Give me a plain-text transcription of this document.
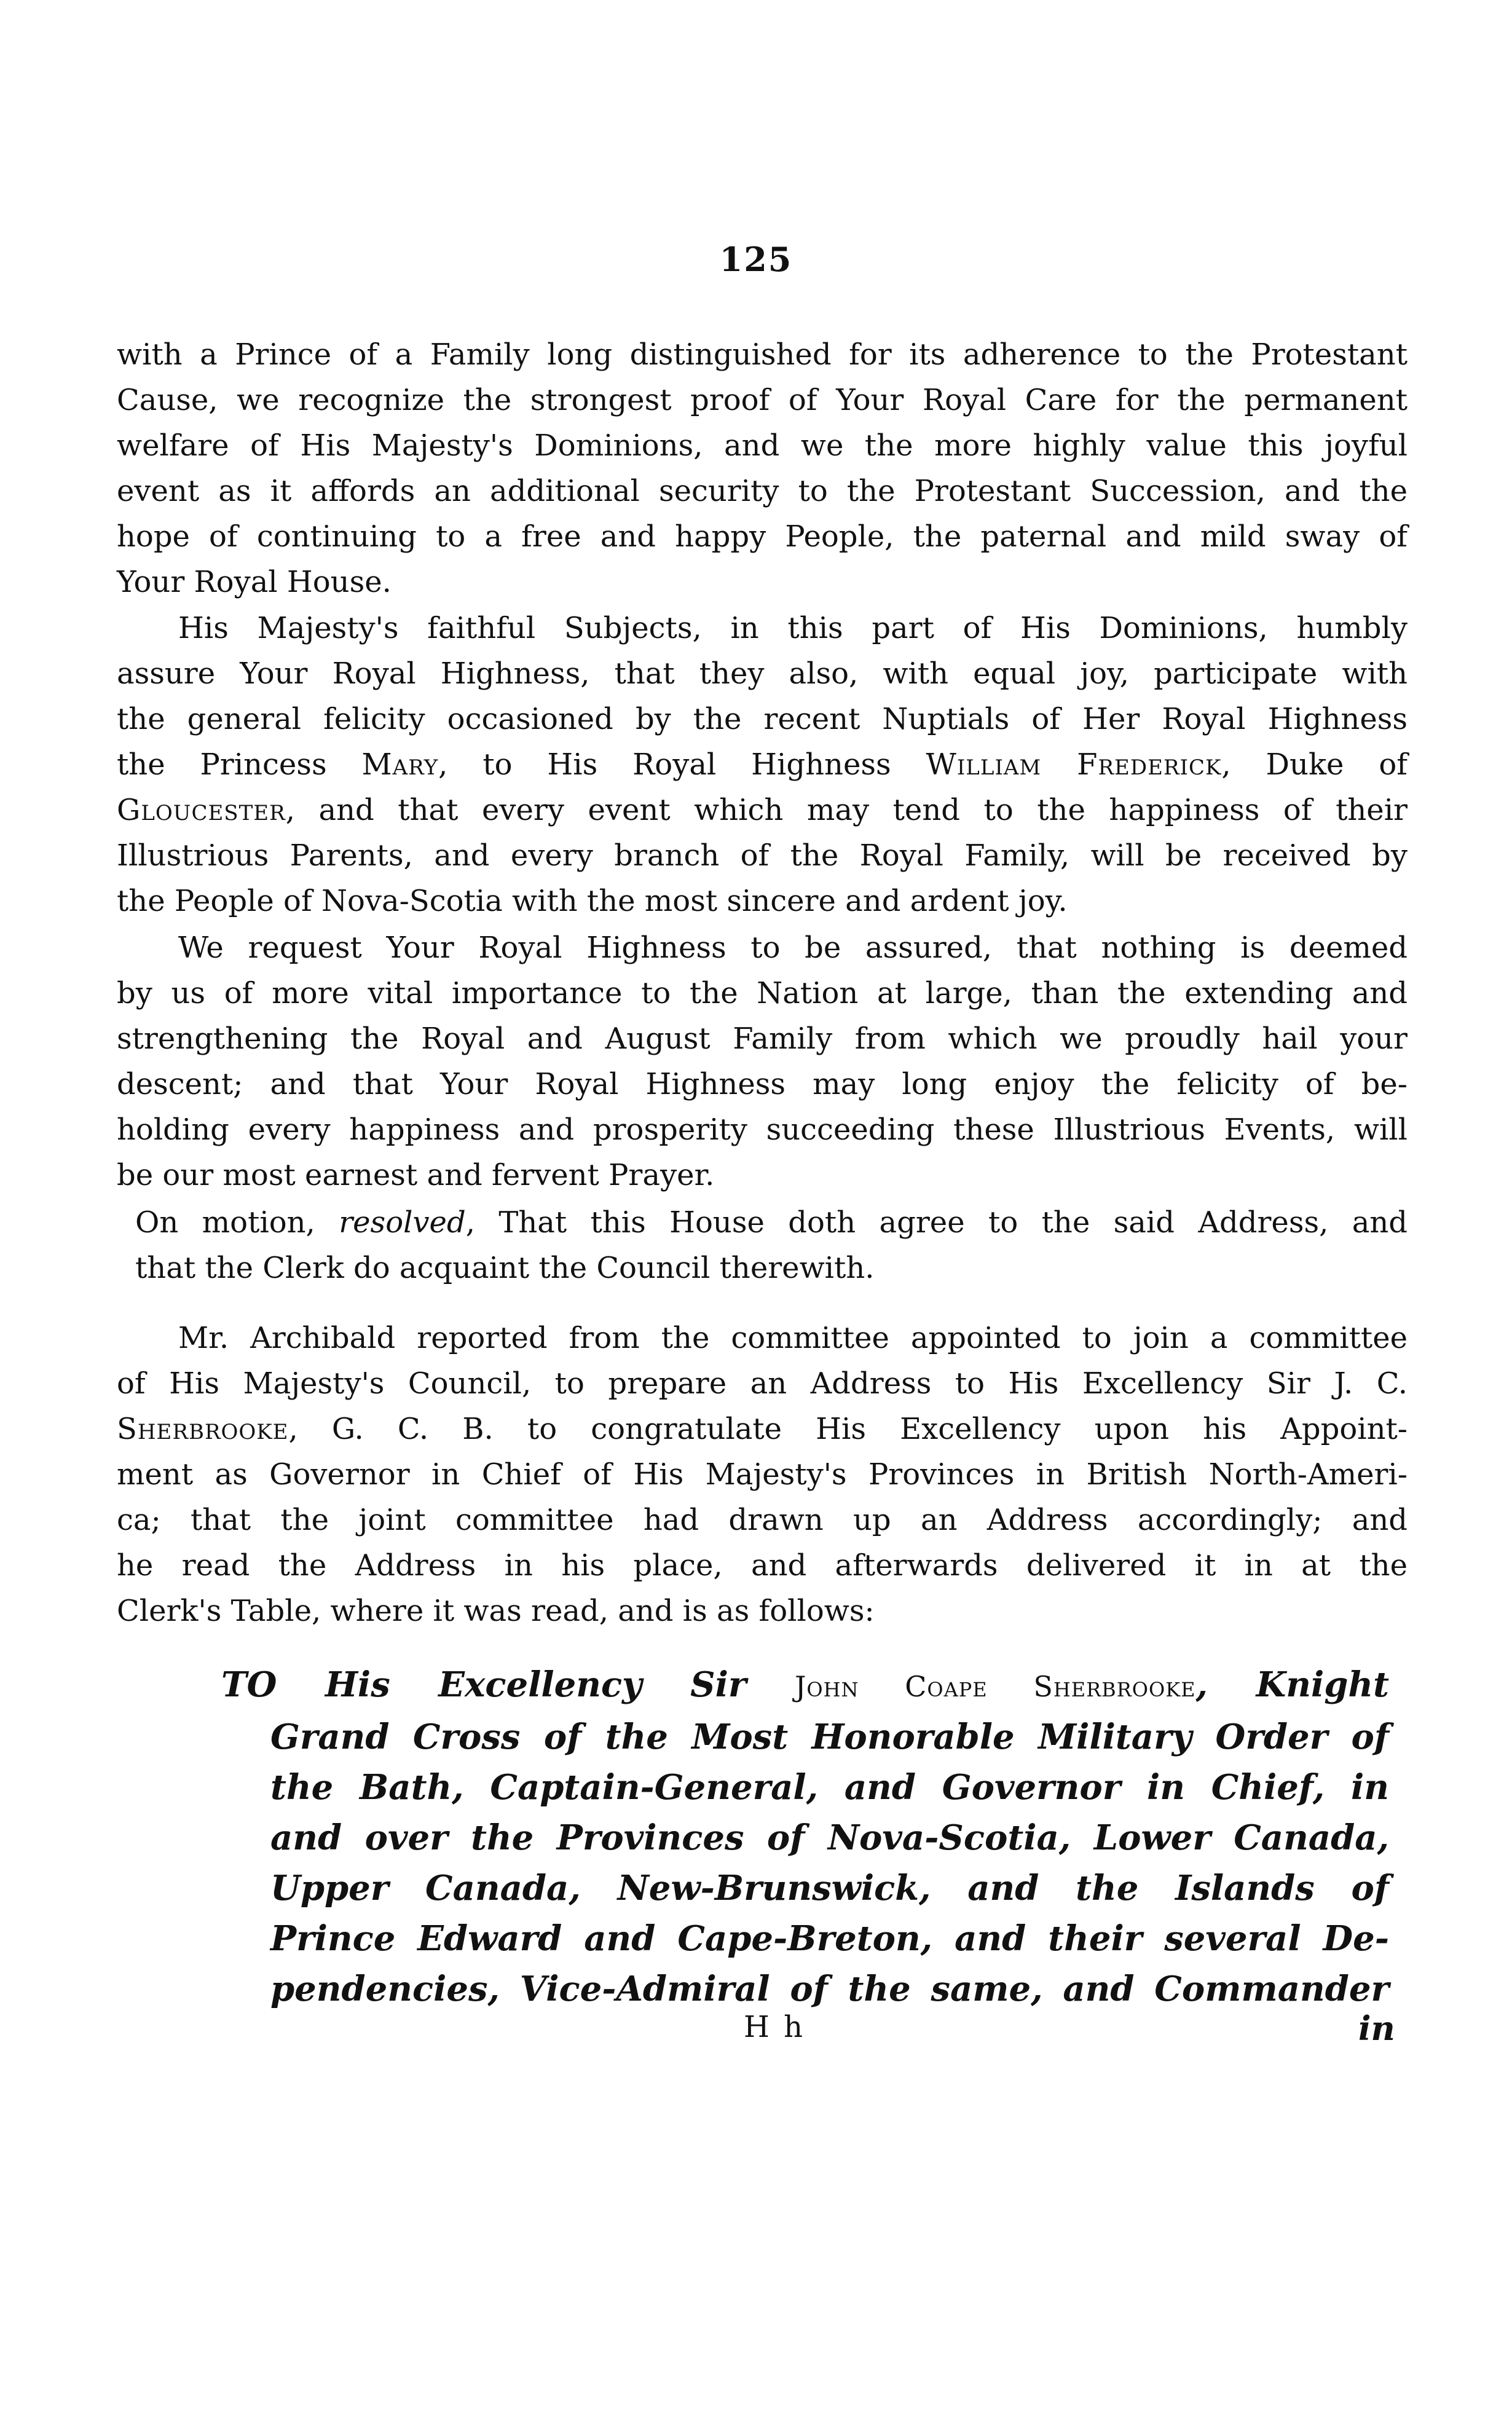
125
with a Prince of a Family long distinguished for its adherence to the Protestant
Cause, we recognize the strongest proof of Your Royal Care for the permanent
welfare of His Majesty's Dominions, and we the more highly value this joyful
event as it affords an additional security to the Protestant Succession, and the
hope of continuing to a free and happy People, the paternal and mild sway of
Your Royal House.
His Majesty's faithful Subjects, in this part of His Dominions, humbly
assure Your Royal Highness, that they also, with equal joy, participate with
the general felicity occasioned by the recent Nuptials of Her Royal Highness
the Princess Mary, to His Royal Highness William Frederick, Duke of
Gloucester, and that every event which may tend to the happiness of their
Illustrious Parents, and every branch of the Royal Family, will be received by
the People of Nova-Scotia with the most sincere and ardent joy.
We request Your Royal Highness to be assured, that nothing is deemed
by us of more vital importance to the Nation at large, than the extending and
strengthening the Royal and August Family from which we proudly hail your
descent; and that Your Royal Highness may long enjoy the felicity of be-
holding every happiness and prosperity succeeding these Illustrious Events, will
be our most earnest and fervent Prayer.
On motion, resolved, That this House doth agree to the said Address, and
that the Clerk do acquaint the Council therewith.
Mr. Archibald reported from the committee appointed to join a committee
of His Majesty's Council, to prepare an Address to His Excellency Sir J. C.
Sherbrooke, G. C. B. to congratulate His Excellency upon his Appoint-
ment as Governor in Chief of His Majesty's Provinces in British North-Ameri-
ca; that the joint committee had drawn up an Address accordingly; and
he read the Address in his place, and afterwards delivered it in at the
Clerk's Table, where it was read, and is as follows:
TO His Excellency Sir John Coape Sherbrooke, Knight
Grand Cross of the Most Honorable Military Order of
the Bath, Captain-General, and Governor in Chief, in
and over the Provinces of Nova-Scotia, Lower Canada,
Upper Canada, New-Brunswick, and the Islands of
Prince Edward and Cape-Breton, and their several De-
pendencies, Vice-Admiral of the same, and Commander
H h	in
